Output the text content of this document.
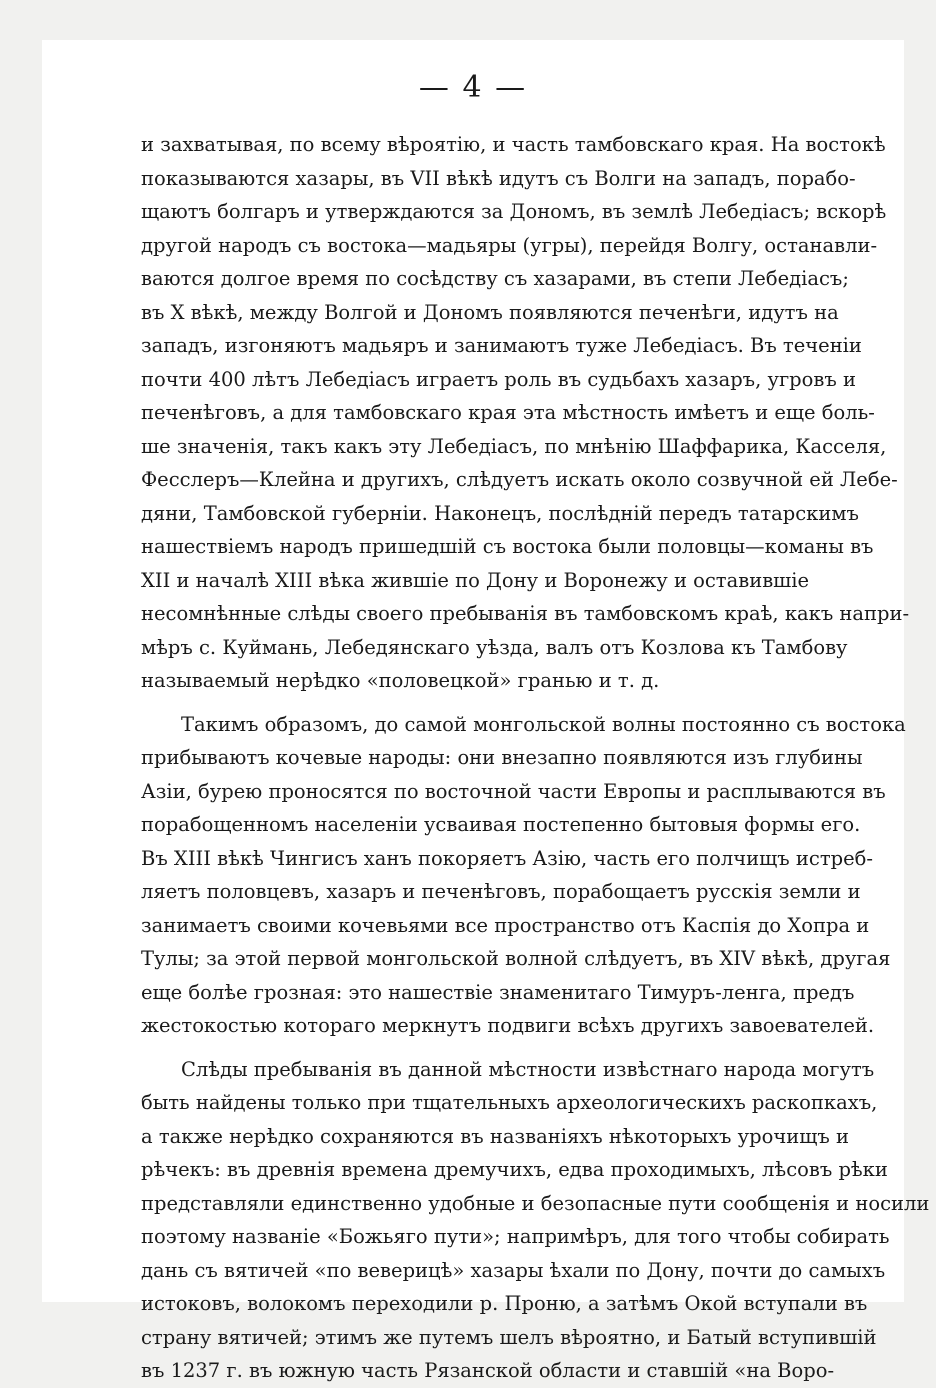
— 4 —
и захватывая, по всему вѣроятiю, и часть тамбовскаго края. На востокѣ
показываются хазары, въ VII вѣкѣ идутъ съ Волги на западъ, порабо-
щаютъ болгаръ и утверждаются за Дономъ, въ землѣ Лебедiасъ; вскорѣ
другой народъ съ востока—мадьяры (угры), перейдя Волгу, останавли-
ваются долгое время по сосѣдству съ хазарами, въ степи Лебедiасъ;
въ X вѣкѣ, между Волгой и Дономъ появляются печенѣги, идутъ на
западъ, изгоняютъ мадьяръ и занимаютъ туже Лебедiасъ. Въ теченiи
почти 400 лѣтъ Лебедiасъ играетъ роль въ судьбахъ хазаръ, угровъ и
печенѣговъ, а для тамбовскаго края эта мѣстность имѣетъ и еще боль-
ше значенiя, такъ какъ эту Лебедiасъ, по мнѣнiю Шаффарика, Касселя,
Фесслеръ—Клейна и другихъ, слѣдуетъ искать около созвучной ей Лебе-
дяни, Тамбовской губернiи. Наконецъ, послѣднiй передъ татарскимъ
нашествiемъ народъ пришедшiй съ востока были половцы—команы въ
XII и началѣ XIII вѣка жившiе по Дону и Воронежу и оставившiе
несомнѣнные слѣды своего пребыванiя въ тамбовскомъ краѣ, какъ напри-
мѣръ с. Куймань, Лебедянскаго уѣзда, валъ отъ Козлова къ Тамбову
называемый нерѣдко «половецкой» гранью и т. д.
Такимъ образомъ, до самой монгольской волны постоянно съ востока
прибываютъ кочевые народы: они внезапно появляются изъ глубины
Азiи, бурею проносятся по восточной части Европы и расплываются въ
порабощенномъ населенiи усваивая постепенно бытовыя формы его.
Въ XIII вѣкѣ Чингисъ ханъ покоряетъ Азiю, часть его полчищъ истреб-
ляетъ половцевъ, хазаръ и печенѣговъ, порабощаетъ русскiя земли и
занимаетъ своими кочевьями все пространство отъ Каспiя до Хопра и
Тулы; за этой первой монгольской волной слѣдуетъ, въ XIV вѣкѣ, другая
еще болѣе грозная: это нашествiе знаменитаго Тимуръ-ленга, предъ
жестокостью котораго меркнутъ подвиги всѣхъ другихъ завоевателей.
Слѣды пребыванiя въ данной мѣстности извѣстнаго народа могутъ
быть найдены только при тщательныхъ археологическихъ раскопкахъ,
а также нерѣдко сохраняются въ названiяхъ нѣкоторыхъ урочищъ и
рѣчекъ: въ древнiя времена дремучихъ, едва проходимыхъ, лѣсовъ рѣки
представляли единственно удобные и безопасные пути сообщенiя и носили
поэтому названiе «Божьяго пути»; напримѣръ, для того чтобы собирать
дань съ вятичей «по веверицѣ» хазары ѣхали по Дону, почти до самыхъ
истоковъ, волокомъ переходили р. Проню, а затѣмъ Окой вступали въ
страну вятичей; этимъ же путемъ шелъ вѣроятно, и Батый вступившiй
въ 1237 г. въ южную часть Рязанской области и ставшiй «на Воро-
